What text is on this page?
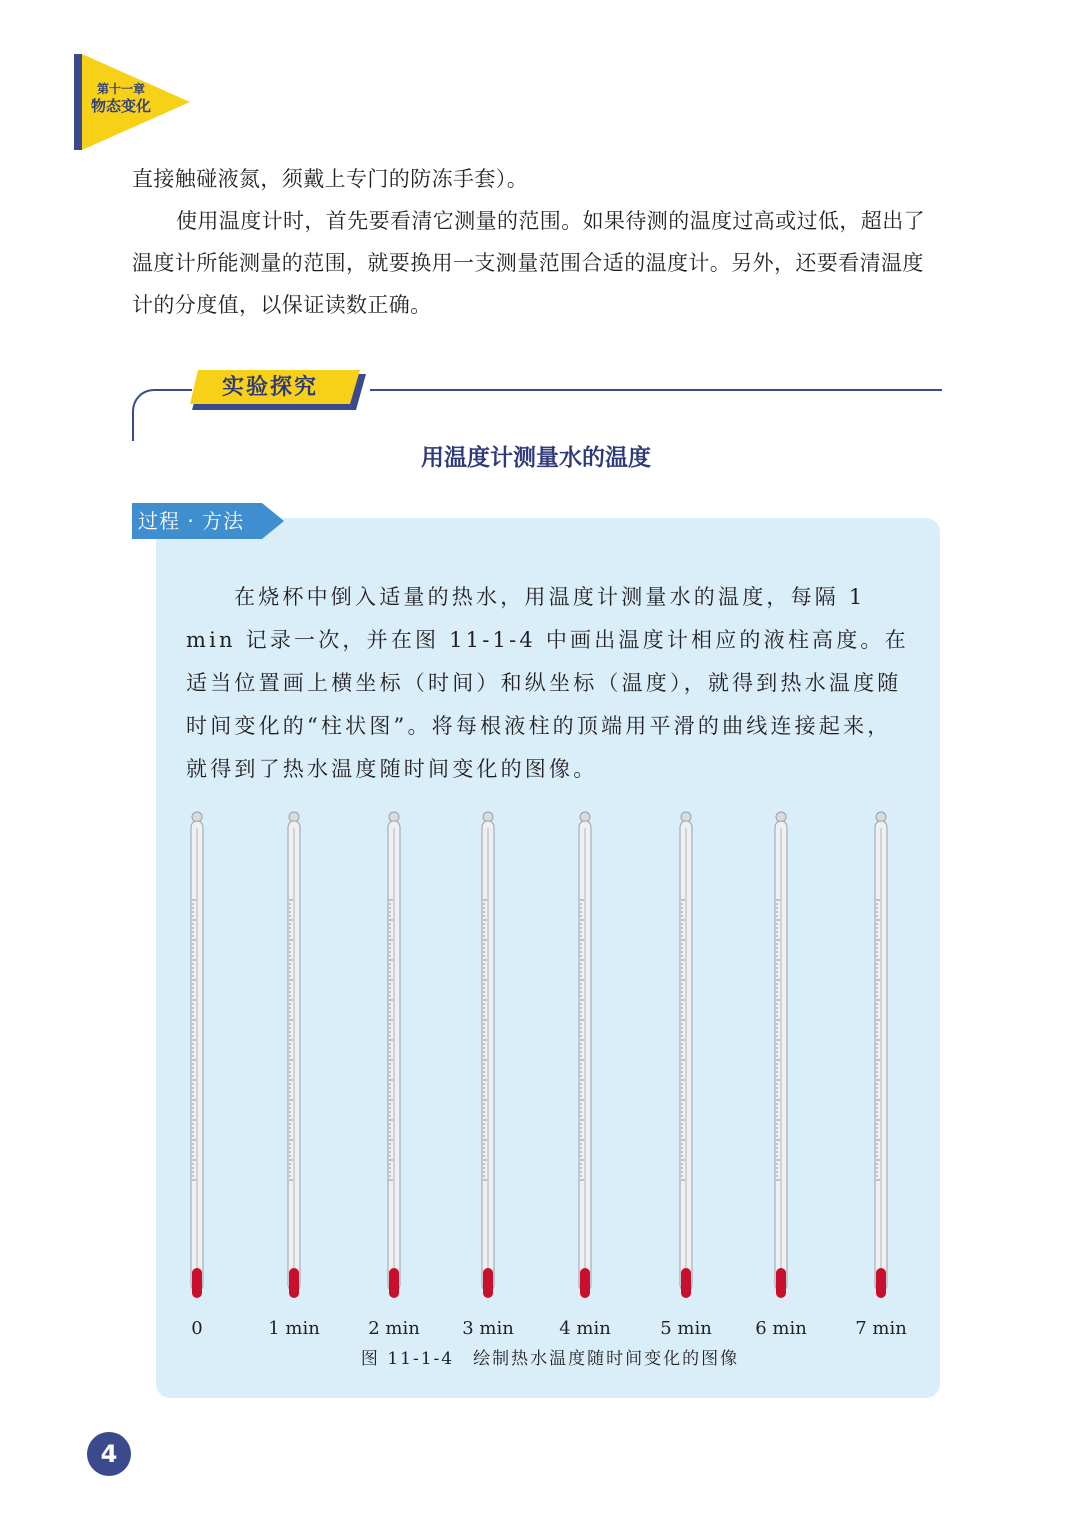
第十一章
物态变化
直接触碰液氮，须戴上专门的防冻手套）。
使用温度计时，首先要看清它测量的范围。如果待测的温度过高或过低，超出了温度计所能测量的范围，就要换用一支测量范围合适的温度计。另外，还要看清温度计的分度值，以保证读数正确。
实验探究
用温度计测量水的温度
过程 · 方法
在烧杯中倒入适量的热水，用温度计测量水的温度，每隔 1 min 记录一次，并在图 11-1-4 中画出温度计相应的液柱高度。在适当位置画上横坐标（时间）和纵坐标（温度），就得到热水温度随时间变化的“柱状图”。将每根液柱的顶端用平滑的曲线连接起来，就得到了热水温度随时间变化的图像。
0	1 min	2 min	3 min	4 min	5 min	6 min	7 min
图 11-1-4　绘制热水温度随时间变化的图像
4
